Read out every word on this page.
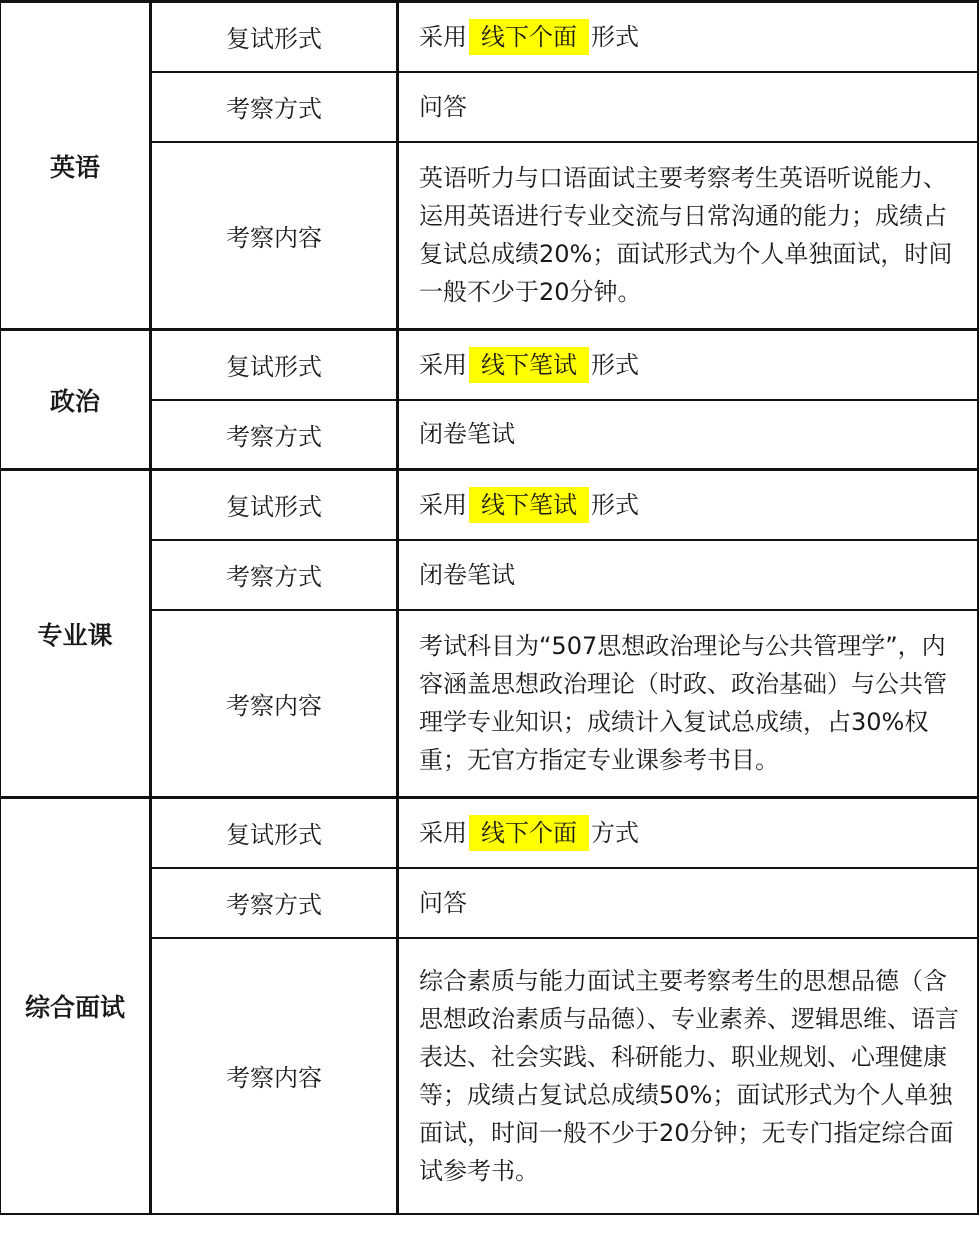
英语	复试形式	采用 线下个面 形式
	考察方式	问答
	考察内容	英语听力与口语面试主要考察考生英语听说能力、运用英语进行专业交流与日常沟通的能力；成绩占复试总成绩20%；面试形式为个人单独面试，时间一般不少于20分钟。
政治	复试形式	采用 线下笔试 形式
	考察方式	闭卷笔试
专业课	复试形式	采用 线下笔试 形式
	考察方式	闭卷笔试
	考察内容	考试科目为“507思想政治理论与公共管理学”，内容涵盖思想政治理论（时政、政治基础）与公共管理学专业知识；成绩计入复试总成绩，占30%权重；无官方指定专业课参考书目。
综合面试	复试形式	采用 线下个面 方式
	考察方式	问答
	考察内容	综合素质与能力面试主要考察考生的思想品德（含思想政治素质与品德）、专业素养、逻辑思维、语言表达、社会实践、科研能力、职业规划、心理健康等；成绩占复试总成绩50%；面试形式为个人单独面试，时间一般不少于20分钟；无专门指定综合面试参考书。
